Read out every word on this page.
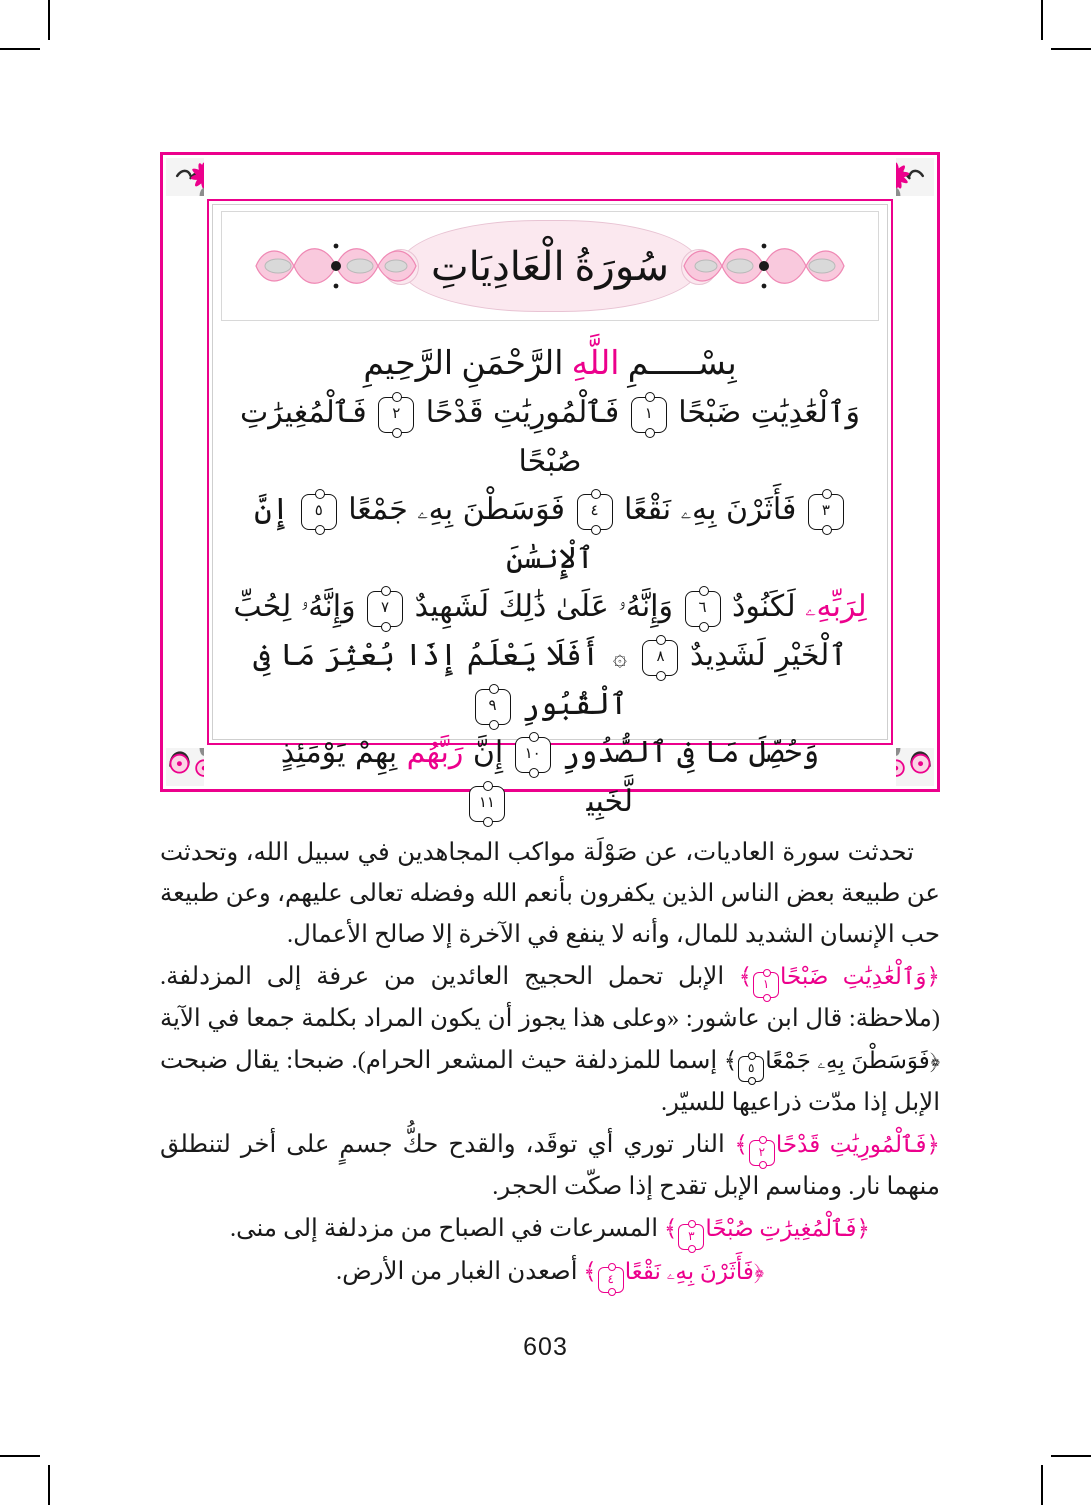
سُورَةُ الْعَادِيَاتِ
بِسْـــــمِ اللَّهِ الرَّحْمَنِ الرَّحِيمِ
وَٱلْعَٰدِيَٰتِ ضَبْحًا ١ فَٱلْمُورِيَٰتِ قَدْحًا ٢ فَٱلْمُغِيرَٰتِ صُبْحًا
٣ فَأَثَرْنَ بِهِۦ نَقْعًا ٤ فَوَسَطْنَ بِهِۦ جَمْعًا ٥ إِنَّ ٱلْإِنسَٰنَ
لِرَبِّهِۦ لَكَنُودٌ ٦ وَإِنَّهُۥ عَلَىٰ ذَٰلِكَ لَشَهِيدٌ ٧ وَإِنَّهُۥ لِحُبِّ
ٱلْخَيْرِ لَشَدِيدٌ ٨ ۞ أَفَلَا يَعْلَمُ إِذَا بُعْثِرَ مَا فِى ٱلْقُبُورِ ٩
وَحُصِّلَ مَا فِى ٱلصُّدُورِ ١٠ إِنَّ رَبَّهُم بِهِمْ يَوْمَئِذٍ لَّخَبِيرٌۢ ١١

تحدثت سورة العاديات، عن صَوْلَة مواكب المجاهدين في سبيل الله، وتحدثت عن طبيعة بعض الناس الذين يكفرون بأنعم الله وفضله تعالى عليهم، وعن طبيعة حب الإنسان الشديد للمال، وأنه لا ينفع في الآخرة إلا صالح الأعمال.

﴿وَٱلْعَٰدِيَٰتِ ضَبْحًا١﴾ الإبل تحمل الحجيج العائدين من عرفة إلى المزدلفة. (ملاحظة: قال ابن عاشور: «وعلى هذا يجوز أن يكون المراد بكلمة جمعا في الآية ﴿فَوَسَطْنَ بِهِۦ جَمْعًا٥﴾ إسما للمزدلفة حيث المشعر الحرام). ضبحا: يقال ضبحت الإبل إذا مدّت ذراعيها للسيّر.

﴿فَٱلْمُورِيَٰتِ قَدْحًا٢﴾ النار توري أي توقَد، والقدح حكُّ جسمٍ على أخر لتنطلق منهما نار. ومناسم الإبل تقدح إذا صكّت الحجر.

﴿فَٱلْمُغِيرَٰتِ صُبْحًا٣﴾ المسرعات في الصباح من مزدلفة إلى منى.

﴿فَأَثَرْنَ بِهِۦ نَقْعًا٤﴾ أصعدن الغبار من الأرض.

603
